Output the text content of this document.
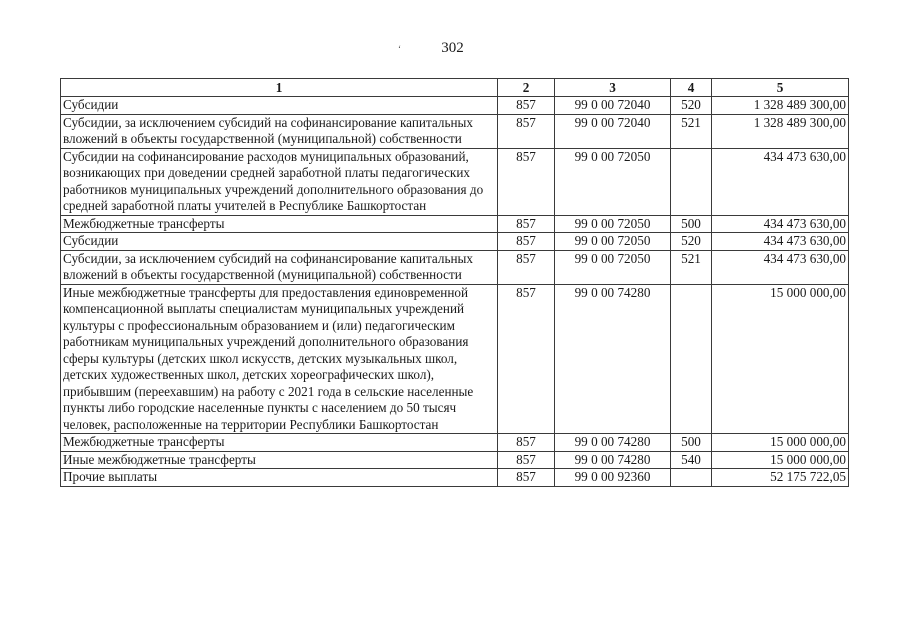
‘	302
1	2	3	4	5
Субсидии	857	99 0 00 72040	520	1 328 489 300,00
Субсидии, за исключением субсидий на софинансирование капитальных вложений в объекты государственной (муниципальной) собственности	857	99 0 00 72040	521	1 328 489 300,00
Субсидии на софинансирование расходов муниципальных образований, возникающих при доведении средней заработной платы педагогических работников муниципальных учреждений дополнительного образования до средней заработной платы учителей в Республике Башкортостан	857	99 0 00 72050		434 473 630,00
Межбюджетные трансферты	857	99 0 00 72050	500	434 473 630,00
Субсидии	857	99 0 00 72050	520	434 473 630,00
Субсидии, за исключением субсидий на софинансирование капитальных вложений в объекты государственной (муниципальной) собственности	857	99 0 00 72050	521	434 473 630,00
Иные межбюджетные трансферты для предоставления единовременной компенсационной выплаты специалистам муниципальных учреждений культуры с профессиональным образованием и (или) педагогическим работникам муниципальных учреждений дополнительного образования сферы культуры (детских школ искусств, детских музыкальных школ, детских художественных школ, детских хореографических школ), прибывшим (переехавшим) на работу с 2021 года в сельские населенные пункты либо городские населенные пункты с населением до 50 тысяч человек, расположенные на территории Республики Башкортостан	857	99 0 00 74280		15 000 000,00
Межбюджетные трансферты	857	99 0 00 74280	500	15 000 000,00
Иные межбюджетные трансферты	857	99 0 00 74280	540	15 000 000,00
Прочие выплаты	857	99 0 00 92360		52 175 722,05
